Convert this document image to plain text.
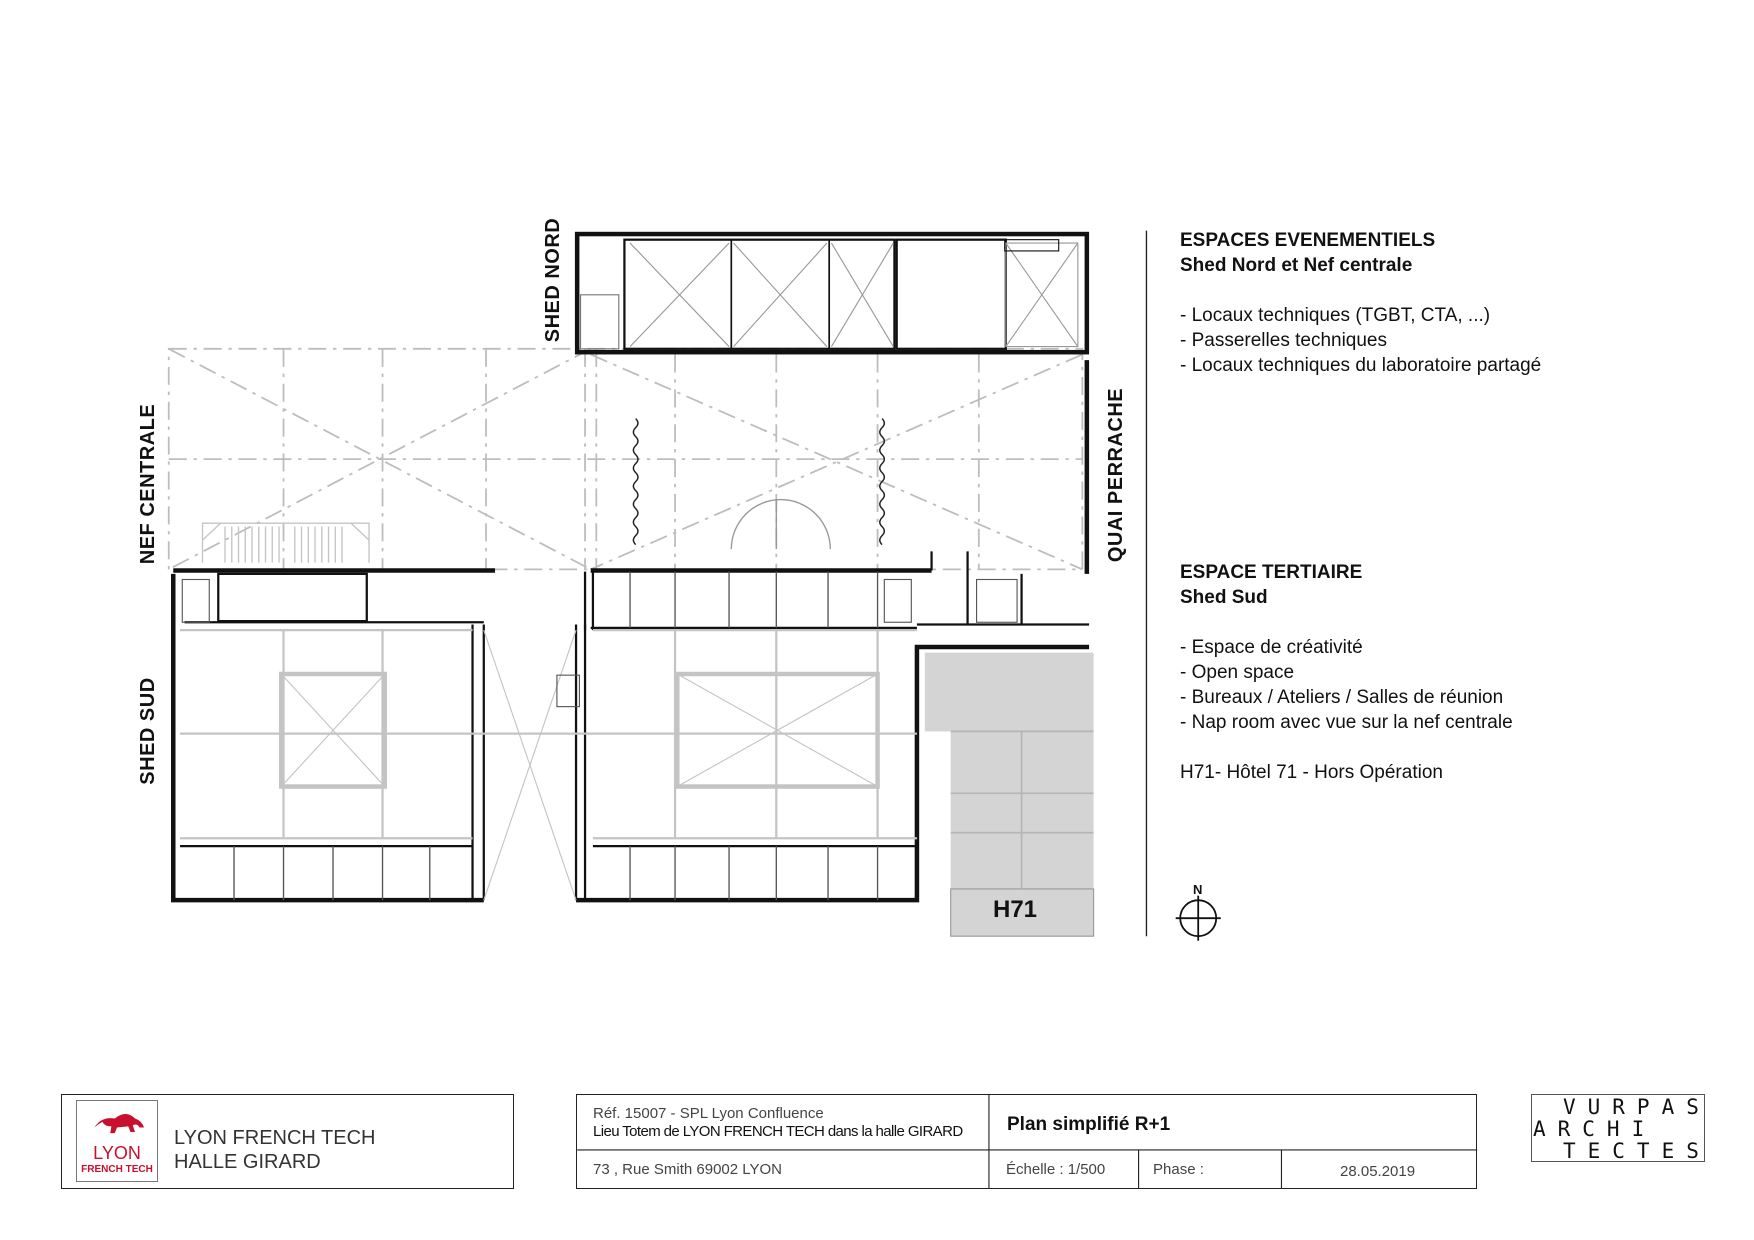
SHED NORD
NEF CENTRALE	QUAI PERRACHE
SHED SUD
H71
N
ESPACES EVENEMENTIELS
Shed Nord et Nef centrale
- Locaux techniques (TGBT, CTA, ...)
- Passerelles techniques
- Locaux techniques du laboratoire partagé
ESPACE TERTIAIRE
Shed Sud
- Espace de créativité
- Open space
- Bureaux / Ateliers / Salles de réunion
- Nap room avec vue sur la nef centrale
H71- Hôtel 71 - Hors Opération
LYON
FRENCH TECH
LYON FRENCH TECH
HALLE GIRARD
Réf. 15007 - SPL Lyon Confluence
Lieu Totem de LYON FRENCH TECH dans la halle GIRARD
73 , Rue Smith 69002 LYON
Plan simplifié R+1
Échelle : 1/500	Phase :	28.05.2019
VURPAS
ARCHI
TECTES
